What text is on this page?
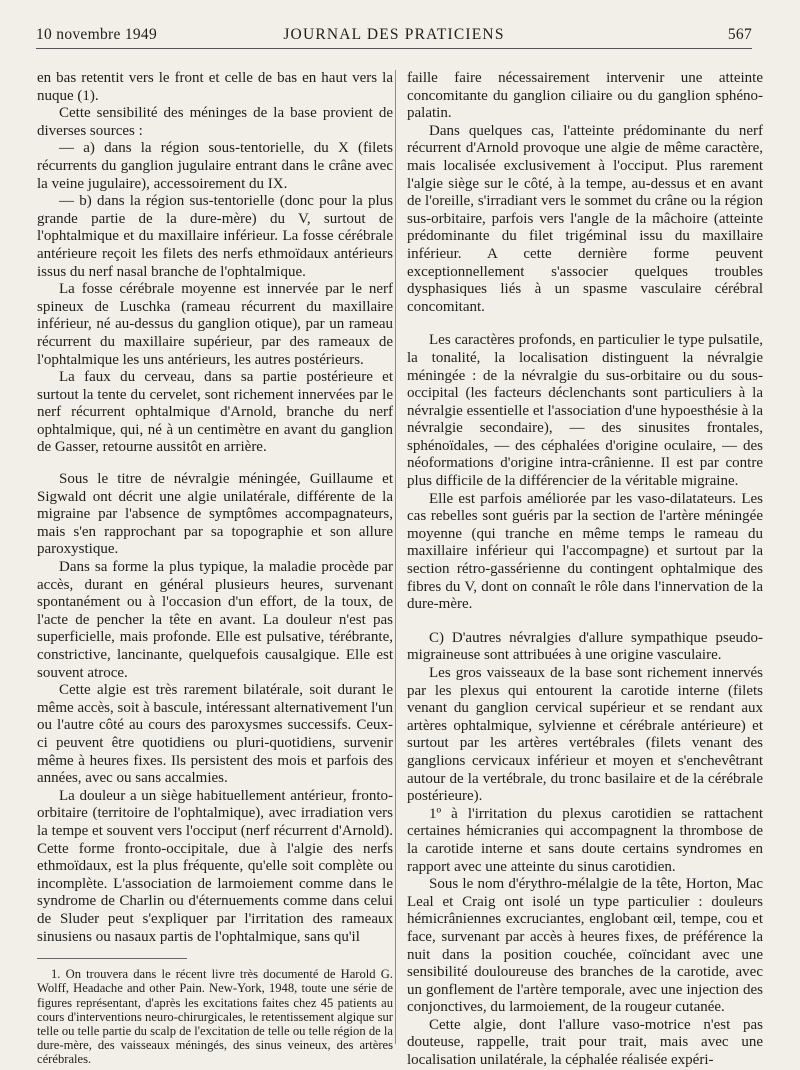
10 novembre 1949	JOURNAL DES PRATICIENS	567

en bas retentit vers le front et celle de bas en haut vers la nuque (1).

Cette sensibilité des méninges de la base provient de diverses sources :

— a) dans la région sous-tentorielle, du X (filets récurrents du ganglion jugulaire entrant dans le crâne avec la veine jugulaire), accessoirement du IX.

— b) dans la région sus-tentorielle (donc pour la plus grande partie de la dure-mère) du V, surtout de l'ophtalmique et du maxillaire inférieur. La fosse cérébrale antérieure reçoit les filets des nerfs ethmoïdaux antérieurs issus du nerf nasal branche de l'ophtalmique.

La fosse cérébrale moyenne est innervée par le nerf spineux de Luschka (rameau récurrent du maxillaire inférieur, né au-dessus du ganglion otique), par un rameau récurrent du maxillaire supérieur, par des rameaux de l'ophtalmique les uns antérieurs, les autres postérieurs.

La faux du cerveau, dans sa partie postérieure et surtout la tente du cervelet, sont richement innervées par le nerf récurrent ophtalmique d'Arnold, branche du nerf ophtalmique, qui, né à un centimètre en avant du ganglion de Gasser, retourne aussitôt en arrière.

Sous le titre de névralgie méningée, Guillaume et Sigwald ont décrit une algie unilatérale, différente de la migraine par l'absence de symptômes accompagnateurs, mais s'en rapprochant par sa topographie et son allure paroxystique.

Dans sa forme la plus typique, la maladie procède par accès, durant en général plusieurs heures, survenant spontanément ou à l'occasion d'un effort, de la toux, de l'acte de pencher la tête en avant. La douleur n'est pas superficielle, mais profonde. Elle est pulsative, térébrante, constrictive, lancinante, quelquefois causalgique. Elle est souvent atroce.

Cette algie est très rarement bilatérale, soit durant le même accès, soit à bascule, intéressant alternativement l'un ou l'autre côté au cours des paroxysmes successifs. Ceux-ci peuvent être quotidiens ou pluri-quotidiens, survenir même à heures fixes. Ils persistent des mois et parfois des années, avec ou sans accalmies.

La douleur a un siège habituellement antérieur, fronto-orbitaire (territoire de l'ophtalmique), avec irradiation vers la tempe et souvent vers l'occiput (nerf récurrent d'Arnold). Cette forme fronto-occipitale, due à l'algie des nerfs ethmoïdaux, est la plus fréquente, qu'elle soit complète ou incomplète. L'association de larmoiement comme dans le syndrome de Charlin ou d'éternuements comme dans celui de Sluder peut s'expliquer par l'irritation des rameaux sinusiens ou nasaux partis de l'ophtalmique, sans qu'il

1. On trouvera dans le récent livre très documenté de Harold G. Wolff, Headache and other Pain. New-York, 1948, toute une série de figures représentant, d'après les excitations faites chez 45 patients au cours d'interventions neuro-chirurgicales, le retentissement algique sur telle ou telle partie du scalp de l'excitation de telle ou telle région de la dure-mère, des vaisseaux méningés, des sinus veineux, des artères cérébrales.

faille faire nécessairement intervenir une atteinte concomitante du ganglion ciliaire ou du ganglion sphéno-palatin.

Dans quelques cas, l'atteinte prédominante du nerf récurrent d'Arnold provoque une algie de même caractère, mais localisée exclusivement à l'occiput. Plus rarement l'algie siège sur le côté, à la tempe, au-dessus et en avant de l'oreille, s'irradiant vers le sommet du crâne ou la région sus-orbitaire, parfois vers l'angle de la mâchoire (atteinte prédominante du filet trigéminal issu du maxillaire inférieur. A cette dernière forme peuvent exceptionnellement s'associer quelques troubles dysphasiques liés à un spasme vasculaire cérébral concomitant.

Les caractères profonds, en particulier le type pulsatile, la tonalité, la localisation distinguent la névralgie méningée : de la névralgie du sus-orbitaire ou du sous-occipital (les facteurs déclenchants sont particuliers à la névralgie essentielle et l'association d'une hypoesthésie à la névralgie secondaire), — des sinusites frontales, sphénoïdales, — des céphalées d'origine oculaire, — des néoformations d'origine intra-crânienne. Il est par contre plus difficile de la différencier de la véritable migraine.

Elle est parfois améliorée par les vaso-dilatateurs. Les cas rebelles sont guéris par la section de l'artère méningée moyenne (qui tranche en même temps le rameau du maxillaire inférieur qui l'accompagne) et surtout par la section rétro-gassérienne du contingent ophtalmique des fibres du V, dont on connaît le rôle dans l'innervation de la dure-mère.

C) D'autres névralgies d'allure sympathique pseudo-migraineuse sont attribuées à une origine vasculaire.

Les gros vaisseaux de la base sont richement innervés par les plexus qui entourent la carotide interne (filets venant du ganglion cervical supérieur et se rendant aux artères ophtalmique, sylvienne et cérébrale antérieure) et surtout par les artères vertébrales (filets venant des ganglions cervicaux inférieur et moyen et s'enchevêtrant autour de la vertébrale, du tronc basilaire et de la cérébrale postérieure).

1º à l'irritation du plexus carotidien se rattachent certaines hémicranies qui accompagnent la thrombose de la carotide interne et sans doute certains syndromes en rapport avec une atteinte du sinus carotidien.

Sous le nom d'érythro-mélalgie de la tête, Horton, Mac Leal et Craig ont isolé un type particulier : douleurs hémicrâniennes excruciantes, englobant œil, tempe, cou et face, survenant par accès à heures fixes, de préférence la nuit dans la position couchée, coïncidant avec une sensibilité douloureuse des branches de la carotide, avec un gonflement de l'artère temporale, avec une injection des conjonctives, du larmoiement, de la rougeur cutanée.

Cette algie, dont l'allure vaso-motrice n'est pas douteuse, rappelle, trait pour trait, mais avec une localisation unilatérale, la céphalée réalisée expéri-
